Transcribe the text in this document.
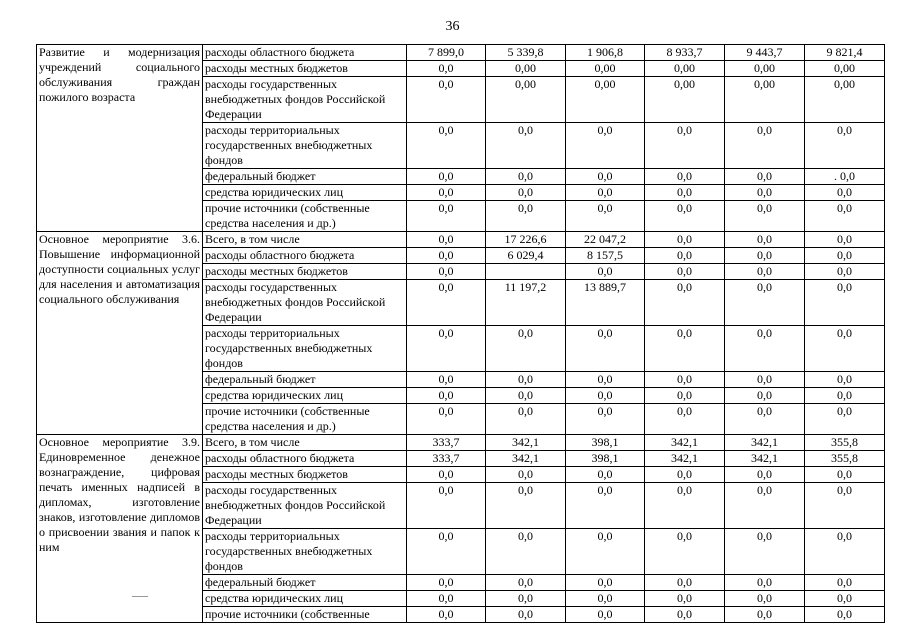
36
Развитие и модернизация учреждений социального обслуживания граждан пожилого возраста	расходы областного бюджета	7 899,0	5 339,8	1 906,8	8 933,7	9 443,7	9 821,4
	расходы местных бюджетов	0,0	0,00	0,00	0,00	0,00	0,00
	расходы государственных внебюджетных фондов Российской Федерации	0,0	0,00	0,00	0,00	0,00	0,00
	расходы территориальных государственных внебюджетных фондов	0,0	0,0	0,0	0,0	0,0	0,0
	федеральный бюджет	0,0	0,0	0,0	0,0	0,0	. 0,0
	средства юридических лиц	0,0	0,0	0,0	0,0	0,0	0,0
	прочие источники (собственные средства населения и др.)	0,0	0,0	0,0	0,0	0,0	0,0
Основное мероприятие 3.6. Повышение информационной доступности социальных услуг для населения и автоматизация социального обслуживания	Всего, в том числе	0,0	17 226,6	22 047,2	0,0	0,0	0,0
	расходы областного бюджета	0,0	6 029,4	8 157,5	0,0	0,0	0,0
	расходы местных бюджетов	0,0		0,0	0,0	0,0	0,0
	расходы государственных внебюджетных фондов Российской Федерации	0,0	11 197,2	13 889,7	0,0	0,0	0,0
	расходы территориальных государственных внебюджетных фондов	0,0	0,0	0,0	0,0	0,0	0,0
	федеральный бюджет	0,0	0,0	0,0	0,0	0,0	0,0
	средства юридических лиц	0,0	0,0	0,0	0,0	0,0	0,0
	прочие источники (собственные средства населения и др.)	0,0	0,0	0,0	0,0	0,0	0,0
Основное мероприятие 3.9. Единовременное денежное вознаграждение, цифровая печать именных надписей в дипломах, изготовление знаков, изготовление дипломов о присвоении звания и папок к ним	Всего, в том числе	333,7	342,1	398,1	342,1	342,1	355,8
	расходы областного бюджета	333,7	342,1	398,1	342,1	342,1	355,8
	расходы местных бюджетов	0,0	0,0	0,0	0,0	0,0	0,0
	расходы государственных внебюджетных фондов Российской Федерации	0,0	0,0	0,0	0,0	0,0	0,0
	расходы территориальных государственных внебюджетных фондов	0,0	0,0	0,0	0,0	0,0	0,0
	федеральный бюджет	0,0	0,0	0,0	0,0	0,0	0,0
	средства юридических лиц	0,0	0,0	0,0	0,0	0,0	0,0
	прочие источники (собственные	0,0	0,0	0,0	0,0	0,0	0,0
